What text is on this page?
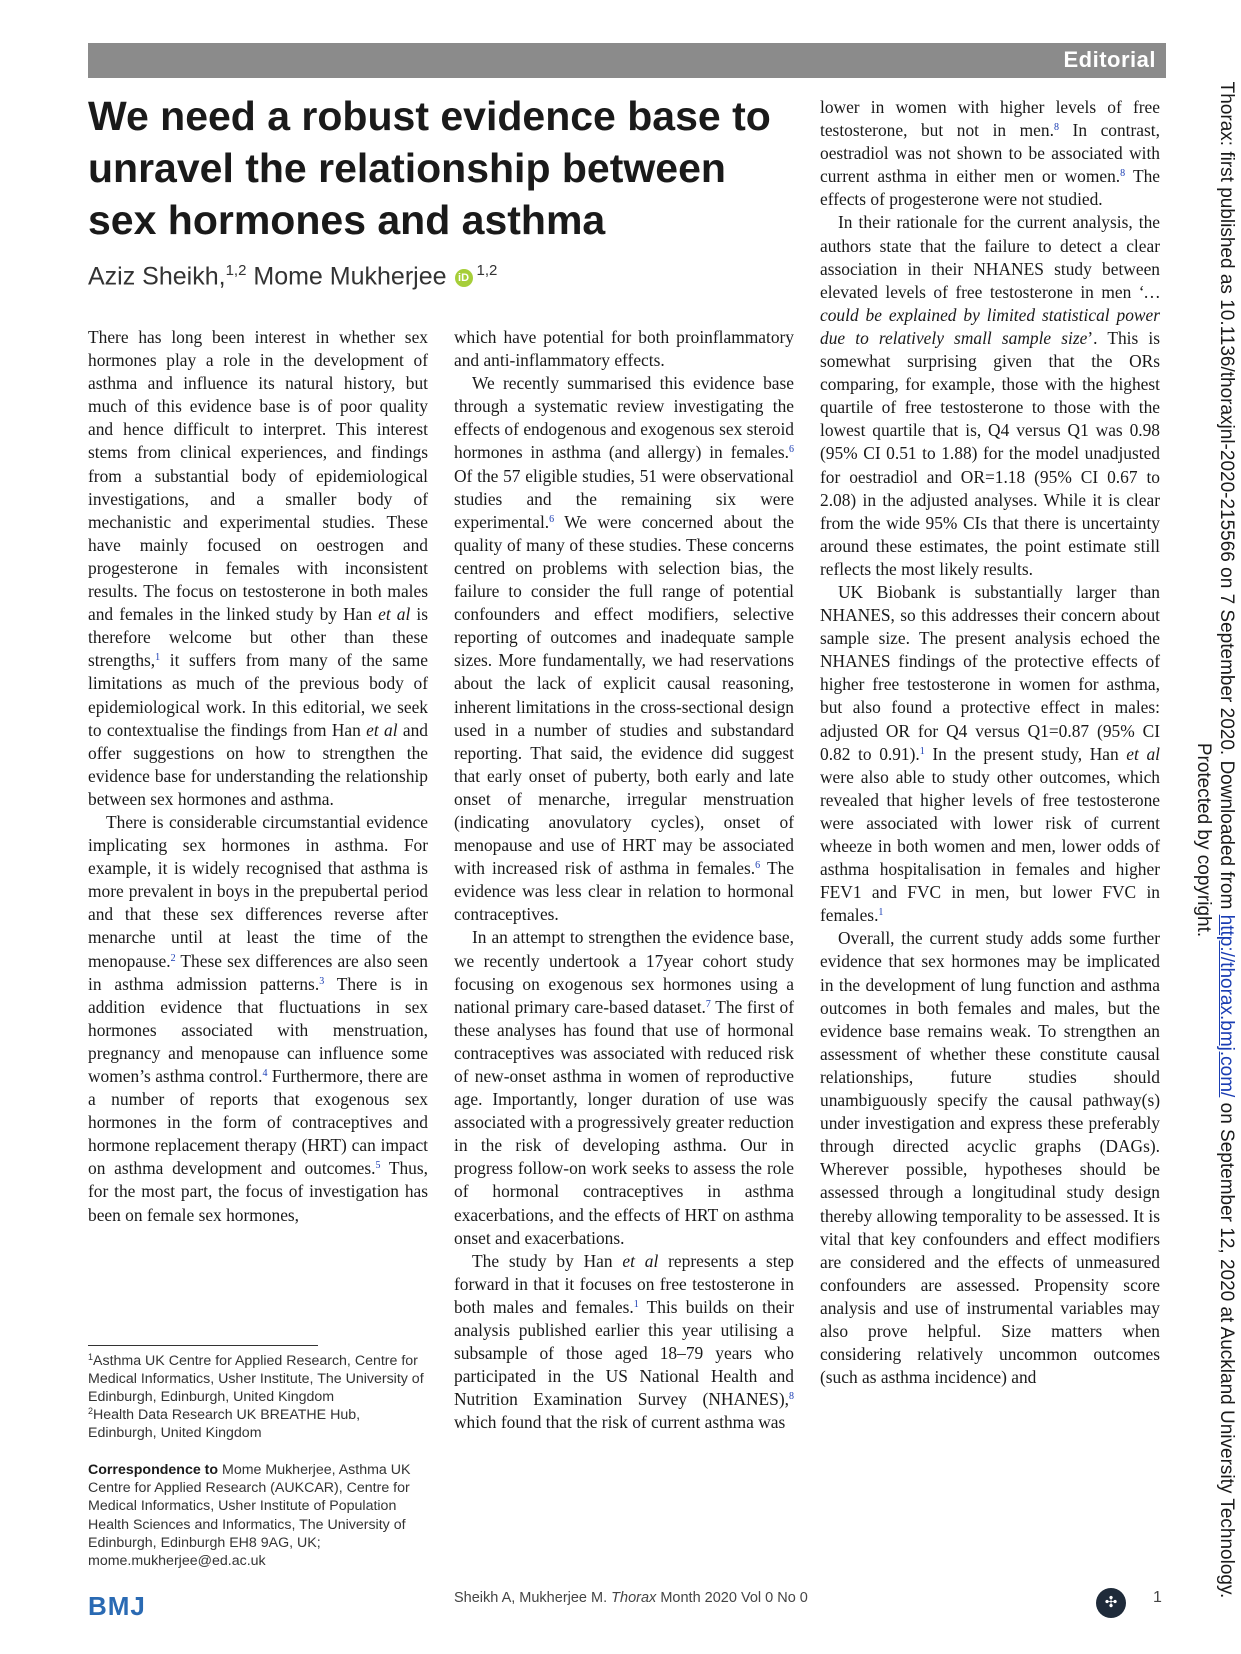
Editorial
We need a robust evidence base to unravel the relationship between sex hormones and asthma
Aziz Sheikh,$^{1,2}$ Mome Mukherjee iD $^{1,2}$

There has long been interest in whether sex hormones play a role in the development of asthma and influence its natural history, but much of this evidence base is of poor quality and hence difficult to interpret. This interest stems from clinical experiences, and findings from a substantial body of epidemiological investigations, and a smaller body of mechanistic and experimental studies. These have mainly focused on oestrogen and progesterone in females with inconsistent results. The focus on testosterone in both males and females in the linked study by Han et al is therefore welcome but other than these strengths,$^1$ it suffers from many of the same limitations as much of the previous body of epidemiological work. In this editorial, we seek to contextualise the findings from Han et al and offer suggestions on how to strengthen the evidence base for understanding the relationship between sex hormones and asthma.

There is considerable circumstantial evidence implicating sex hormones in asthma. For example, it is widely recognised that asthma is more prevalent in boys in the prepubertal period and that these sex differences reverse after menarche until at least the time of the menopause.$^2$ These sex differences are also seen in asthma admission patterns.$^3$ There is in addition evidence that fluctuations in sex hormones associated with menstruation, pregnancy and menopause can influence some women’s asthma control.$^4$ Furthermore, there are a number of reports that exogenous sex hormones in the form of contraceptives and hormone replacement therapy (HRT) can impact on asthma development and outcomes.$^5$ Thus, for the most part, the focus of investigation has been on female sex hormones,

which have potential for both proinflammatory and anti-inflammatory effects.

We recently summarised this evidence base through a systematic review investigating the effects of endogenous and exogenous sex steroid hormones in asthma (and allergy) in females.$^6$ Of the 57 eligible studies, 51 were observational studies and the remaining six were experimental.$^6$ We were concerned about the quality of many of these studies. These concerns centred on problems with selection bias, the failure to consider the full range of potential confounders and effect modifiers, selective reporting of outcomes and inadequate sample sizes. More fundamentally, we had reservations about the lack of explicit causal reasoning, inherent limitations in the cross-sectional design used in a number of studies and substandard reporting. That said, the evidence did suggest that early onset of puberty, both early and late onset of menarche, irregular menstruation (indicating anovulatory cycles), onset of menopause and use of HRT may be associated with increased risk of asthma in females.$^6$ The evidence was less clear in relation to hormonal contraceptives.

In an attempt to strengthen the evidence base, we recently undertook a 17year cohort study focusing on exogenous sex hormones using a national primary care-based dataset.$^7$ The first of these analyses has found that use of hormonal contraceptives was associated with reduced risk of new-onset asthma in women of reproductive age. Importantly, longer duration of use was associated with a progressively greater reduction in the risk of developing asthma. Our in progress follow-on work seeks to assess the role of hormonal contraceptives in asthma exacerbations, and the effects of HRT on asthma onset and exacerbations.

The study by Han et al represents a step forward in that it focuses on free testosterone in both males and females.$^1$ This builds on their analysis published earlier this year utilising a subsample of those aged 18–79 years who participated in the US National Health and Nutrition Examination Survey (NHANES),$^8$ which found that the risk of current asthma was

lower in women with higher levels of free testosterone, but not in men.$^8$ In contrast, oestradiol was not shown to be associated with current asthma in either men or women.$^8$ The effects of progesterone were not studied.

In their rationale for the current analysis, the authors state that the failure to detect a clear association in their NHANES study between elevated levels of free testosterone in men ‘…could be explained by limited statistical power due to relatively small sample size’. This is somewhat surprising given that the ORs comparing, for example, those with the highest quartile of free testosterone to those with the lowest quartile that is, Q4 versus Q1 was 0.98 (95% CI 0.51 to 1.88) for the model unadjusted for oestradiol and OR=1.18 (95% CI 0.67 to 2.08) in the adjusted analyses. While it is clear from the wide 95% CIs that there is uncertainty around these estimates, the point estimate still reflects the most likely results.

UK Biobank is substantially larger than NHANES, so this addresses their concern about sample size. The present analysis echoed the NHANES findings of the protective effects of higher free testosterone in women for asthma, but also found a protective effect in males: adjusted OR for Q4 versus Q1=0.87 (95% CI 0.82 to 0.91).$^1$ In the present study, Han et al were also able to study other outcomes, which revealed that higher levels of free testosterone were associated with lower risk of current wheeze in both women and men, lower odds of asthma hospitalisation in females and higher FEV1 and FVC in men, but lower FVC in females.$^1$

Overall, the current study adds some further evidence that sex hormones may be implicated in the development of lung function and asthma outcomes in both females and males, but the evidence base remains weak. To strengthen an assessment of whether these constitute causal relationships, future studies should unambiguously specify the causal pathway(s) under investigation and express these preferably through directed acyclic graphs (DAGs). Wherever possible, hypotheses should be assessed through a longitudinal study design thereby allowing temporality to be assessed. It is vital that key confounders and effect modifiers are considered and the effects of unmeasured confounders are assessed. Propensity score analysis and use of instrumental variables may also prove helpful. Size matters when considering relatively uncommon outcomes (such as asthma incidence) and

$^1$Asthma UK Centre for Applied Research, Centre for Medical Informatics, Usher Institute, The University of Edinburgh, Edinburgh, United Kingdom
$^2$Health Data Research UK BREATHE Hub, Edinburgh, United Kingdom
Correspondence to Mome Mukherjee, Asthma UK Centre for Applied Research (AUKCAR), Centre for Medical Informatics, Usher Institute of Population Health Sciences and Informatics, The University of Edinburgh, Edinburgh EH8 9AG, UK;
mome.mukherjee@ed.ac.uk
BMJ	Sheikh A, Mukherjee M. Thorax Month 2020 Vol 0 No 0	✣	1
Thorax: first published as 10.1136/thoraxjnl-2020-215566 on 7 September 2020. Downloaded from http://thorax.bmj.com/ on September 12, 2020 at Auckland University Technology.
Protected by copyright.
